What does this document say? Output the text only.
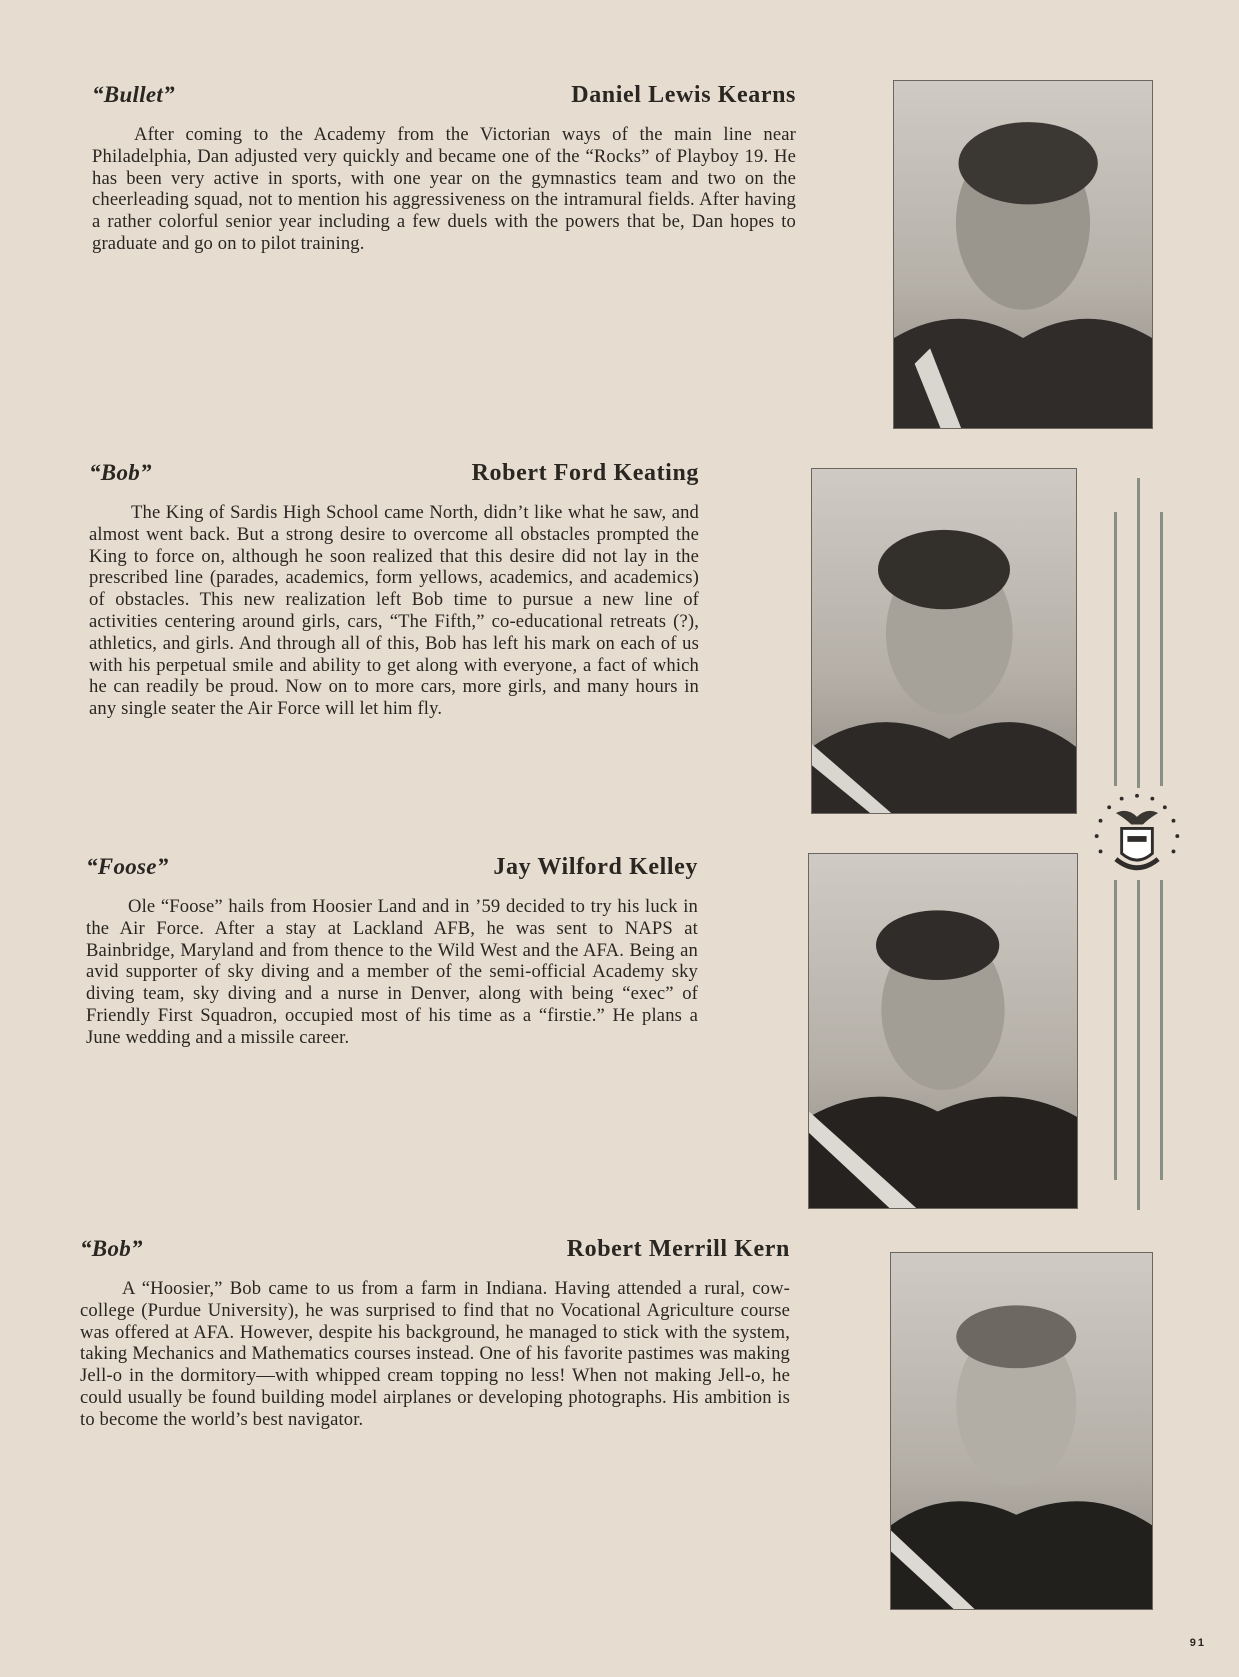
“Bullet”	Daniel Lewis Kearns

After coming to the Academy from the Victorian ways of the main line near Philadelphia, Dan adjusted very quickly and became one of the “Rocks” of Playboy 19. He has been very active in sports, with one year on the gymnastics team and two on the cheerleading squad, not to mention his aggressiveness on the intramural fields. After having a rather colorful senior year including a few duels with the powers that be, Dan hopes to graduate and go on to pilot training.

“Bob”	Robert Ford Keating

The King of Sardis High School came North, didn’t like what he saw, and almost went back. But a strong desire to overcome all obstacles prompted the King to force on, although he soon realized that this desire did not lay in the prescribed line (parades, academics, form yellows, academics, and academics) of obstacles. This new realization left Bob time to pursue a new line of activities centering around girls, cars, “The Fifth,” co-educational retreats (?), athletics, and girls. And through all of this, Bob has left his mark on each of us with his perpetual smile and ability to get along with everyone, a fact of which he can readily be proud. Now on to more cars, more girls, and many hours in any single seater the Air Force will let him fly.

“Foose”	Jay Wilford Kelley

Ole “Foose” hails from Hoosier Land and in ’59 decided to try his luck in the Air Force. After a stay at Lackland AFB, he was sent to NAPS at Bainbridge, Maryland and from thence to the Wild West and the AFA. Being an avid supporter of sky diving and a member of the semi-official Academy sky diving team, sky diving and a nurse in Denver, along with being “exec” of Friendly First Squadron, occupied most of his time as a “firstie.” He plans a June wedding and a missile career.

“Bob”	Robert Merrill Kern

A “Hoosier,” Bob came to us from a farm in Indiana. Having attended a rural, cow-college (Purdue University), he was surprised to find that no Vocational Agriculture course was offered at AFA. However, despite his background, he managed to stick with the system, taking Mechanics and Mathematics courses instead. One of his favorite pastimes was making Jell-o in the dormitory—with whipped cream topping no less! When not making Jell-o, he could usually be found building model airplanes or developing photographs. His ambition is to become the world’s best navigator.

91
